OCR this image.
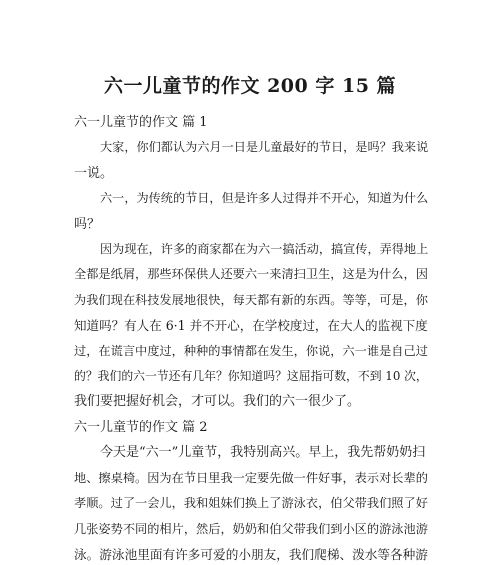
六一儿童节的作文 200 字 15 篇
六一儿童节的作文 篇 1
大家，你们都认为六月一日是儿童最好的节日，是吗？我来说
一说。
六一，为传统的节日，但是许多人过得并不开心，知道为什么
吗？
因为现在，许多的商家都在为六一搞活动，搞宣传，弄得地上
全都是纸屑，那些环保供人还要六一来清扫卫生，这是为什么，因
为我们现在科技发展地很快，每天都有新的东西。等等，可是，你
知道吗？有人在 6·1 并不开心，在学校度过，在大人的监视下度
过，在谎言中度过，种种的事情都在发生，你说，六一谁是自己过
的？我们的六一节还有几年？你知道吗？这屈指可数，不到 10 次，
我们要把握好机会，才可以。我们的六一很少了。
六一儿童节的作文 篇 2
今天是“六一”儿童节，我特别高兴。早上，我先帮奶奶扫
地、擦桌椅。因为在节日里我一定要先做一件好事，表示对长辈的
孝顺。过了一会儿，我和姐妹们换上了游泳衣，伯父带我们照了好
几张姿势不同的相片，然后，奶奶和伯父带我们到小区的游泳池游
泳。游泳池里面有许多可爱的小朋友，我们爬梯、泼水等各种游
